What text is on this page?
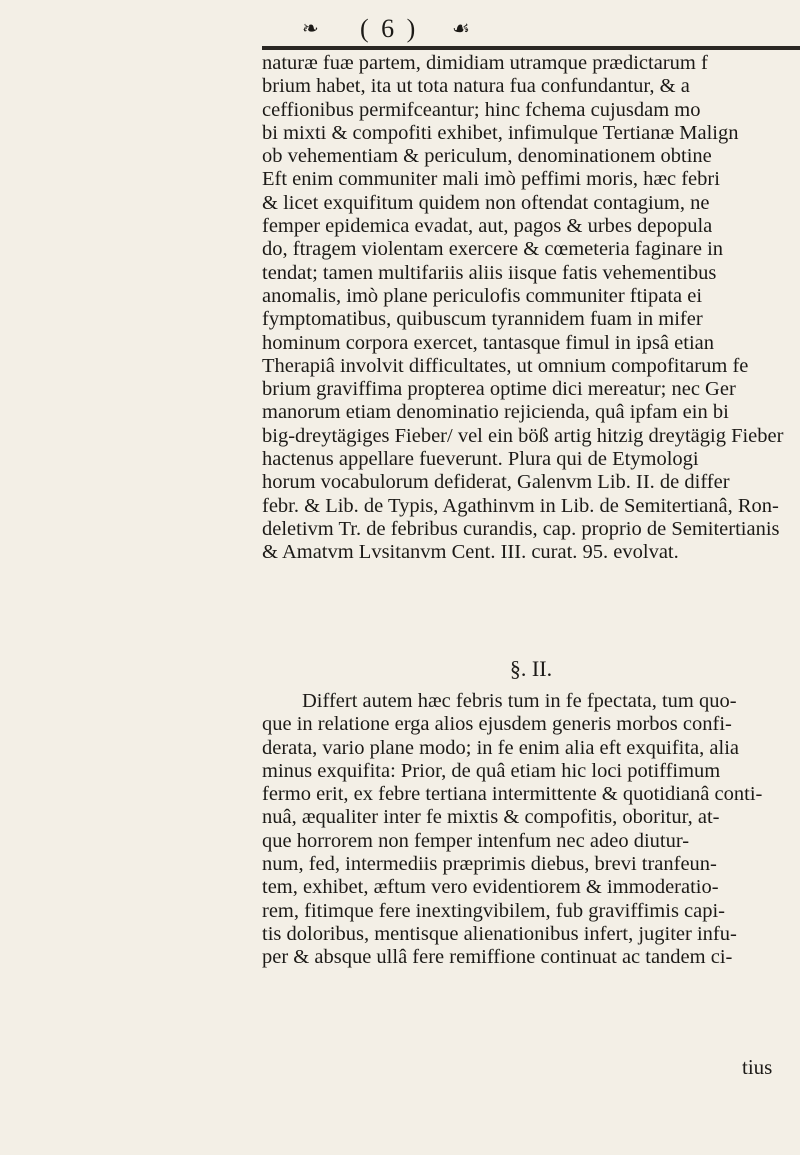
❧ ( 6 ) ☙
naturæ fuæ partem, dimidiam utramque prædictarum f
brium habet, ita ut tota natura fua confundantur, & a
ceffionibus permifceantur; hinc fchema cujusdam mo
bi mixti & compofiti exhibet, infimulque Tertianæ Malign
ob vehementiam & periculum, denominationem obtine
Eft enim communiter mali imò peffimi moris, hæc febri
& licet exquifitum quidem non oftendat contagium, ne
femper epidemica evadat, aut, pagos & urbes depopula
do, ftragem violentam exercere & cœmeteria faginare in
tendat; tamen multifariis aliis iisque fatis vehementibus
anomalis, imò plane periculofis communiter ftipata ei
fymptomatibus, quibuscum tyrannidem fuam in mifer
hominum corpora exercet, tantasque fimul in ipsâ etian
Therapiâ involvit difficultates, ut omnium compofitarum fe
brium graviffima propterea optime dici mereatur; nec Ger
manorum etiam denominatio rejicienda, quâ ipfam ein bi
big-dreytägiges Fieber/ vel ein böß artig hitzig dreytägig Fieber
hactenus appellare fueverunt. Plura qui de Etymologi
horum vocabulorum defiderat, Galenvm Lib. II. de differ
febr. & Lib. de Typis, Agathinvm in Lib. de Semitertianâ, Ron-
deletivm Tr. de febribus curandis, cap. proprio de Semitertianis
& Amatvm Lvsitanvm Cent. III. curat. 95. evolvat.
§. II.
Differt autem hæc febris tum in fe fpectata, tum quo-
que in relatione erga alios ejusdem generis morbos confi-
derata, vario plane modo; in fe enim alia eft exquifita, alia
minus exquifita: Prior, de quâ etiam hic loci potiffimum
fermo erit, ex febre tertiana intermittente & quotidianâ conti-
nuâ, æqualiter inter fe mixtis & compofitis, oboritur, at-
que horrorem non femper intenfum nec adeo diutur-
num, fed, intermediis præprimis diebus, brevi tranfeun-
tem, exhibet, æftum vero evidentiorem & immoderatio-
rem, fitimque fere inextingvibilem, fub graviffimis capi-
tis doloribus, mentisque alienationibus infert, jugiter infu-
per & absque ullâ fere remiffione continuat ac tandem ci-
tius
